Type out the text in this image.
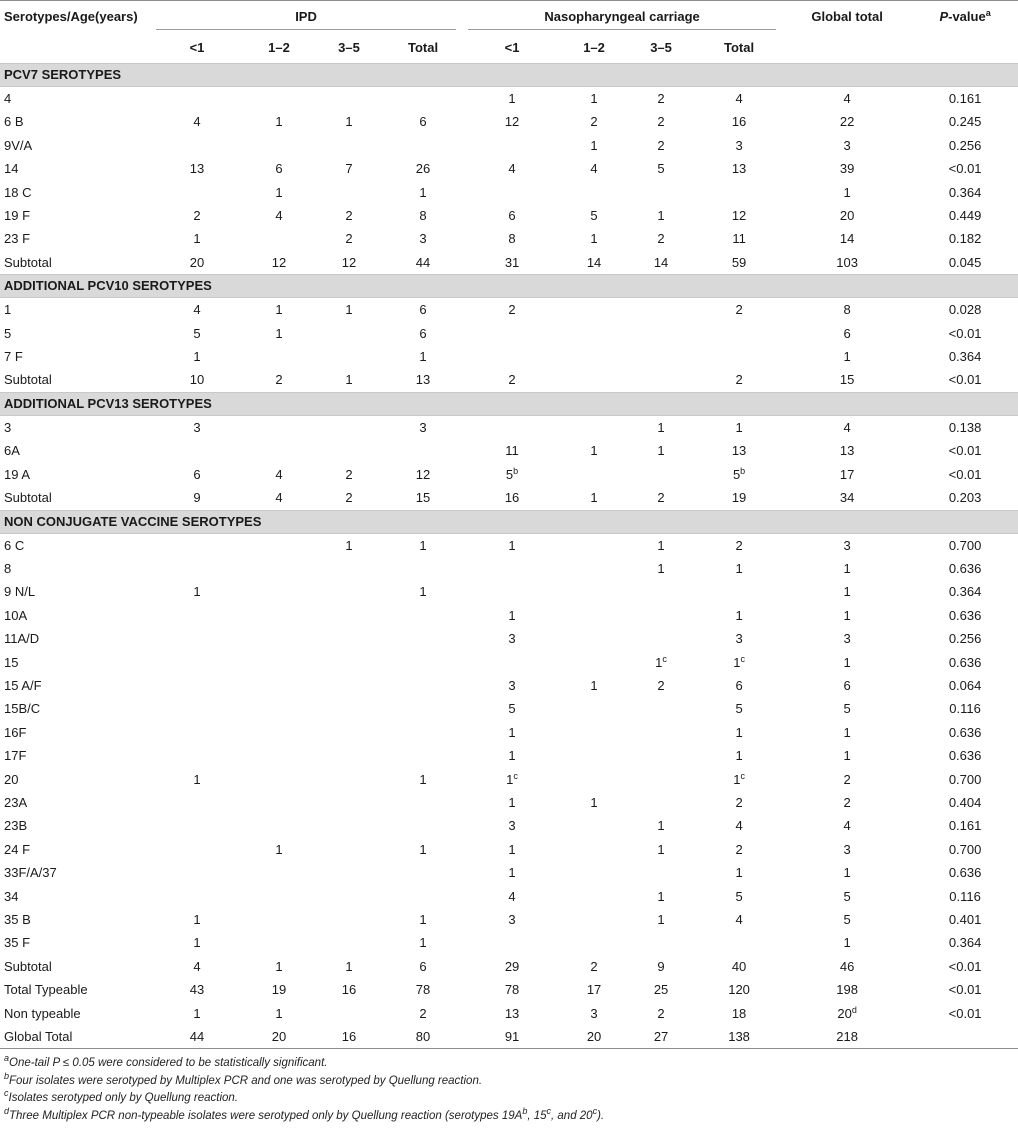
Serotypes/Age(years)	IPD				Nasopharyngeal carriage				Global total	P-value$^a$
	<1	1–2	3–5	Total	<1	1–2	3–5	Total		
PCV7 SEROTYPES										
4					1	1	2	4	4	0.161
6 B	4	1	1	6	12	2	2	16	22	0.245
9V/A						1	2	3	3	0.256
14	13	6	7	26	4	4	5	13	39	<0.01
18 C		1		1					1	0.364
19 F	2	4	2	8	6	5	1	12	20	0.449
23 F	1		2	3	8	1	2	11	14	0.182
Subtotal	20	12	12	44	31	14	14	59	103	0.045
ADDITIONAL PCV10 SEROTYPES										
1	4	1	1	6	2			2	8	0.028
5	5	1		6					6	<0.01
7 F	1			1					1	0.364
Subtotal	10	2	1	13	2			2	15	<0.01
ADDITIONAL PCV13 SEROTYPES										
3	3			3			1	1	4	0.138
6A					11	1	1	13	13	<0.01
19 A	6	4	2	12	5$^b$			5$^b$	17	<0.01
Subtotal	9	4	2	15	16	1	2	19	34	0.203
NON CONJUGATE VACCINE SEROTYPES										
6 C			1	1	1		1	2	3	0.700
8							1	1	1	0.636
9 N/L	1			1					1	0.364
10A					1			1	1	0.636
11A/D					3			3	3	0.256
15							1$^c$	1$^c$	1	0.636
15 A/F					3	1	2	6	6	0.064
15B/C					5			5	5	0.116
16F					1			1	1	0.636
17F					1			1	1	0.636
20	1			1	1$^c$			1$^c$	2	0.700
23A					1	1		2	2	0.404
23B					3		1	4	4	0.161
24 F		1		1	1		1	2	3	0.700
33F/A/37					1			1	1	0.636
34					4		1	5	5	0.116
35 B	1			1	3		1	4	5	0.401
35 F	1			1					1	0.364
Subtotal	4	1	1	6	29	2	9	40	46	<0.01
Total Typeable	43	19	16	78	78	17	25	120	198	<0.01
Non typeable	1	1		2	13	3	2	18	$20^d$	<0.01
Global Total	44	20	16	80	91	20	27	138	218	
$^a$One-tail P ≤ 0.05 were considered to be statistically significant.
$^b$Four isolates were serotyped by Multiplex PCR and one was serotyped by Quellung reaction.
$^c$Isolates serotyped only by Quellung reaction.
$^d$Three Multiplex PCR non-typeable isolates were serotyped only by Quellung reaction (serotypes $19A^b$, 15$^c$, and 20$^c$).
